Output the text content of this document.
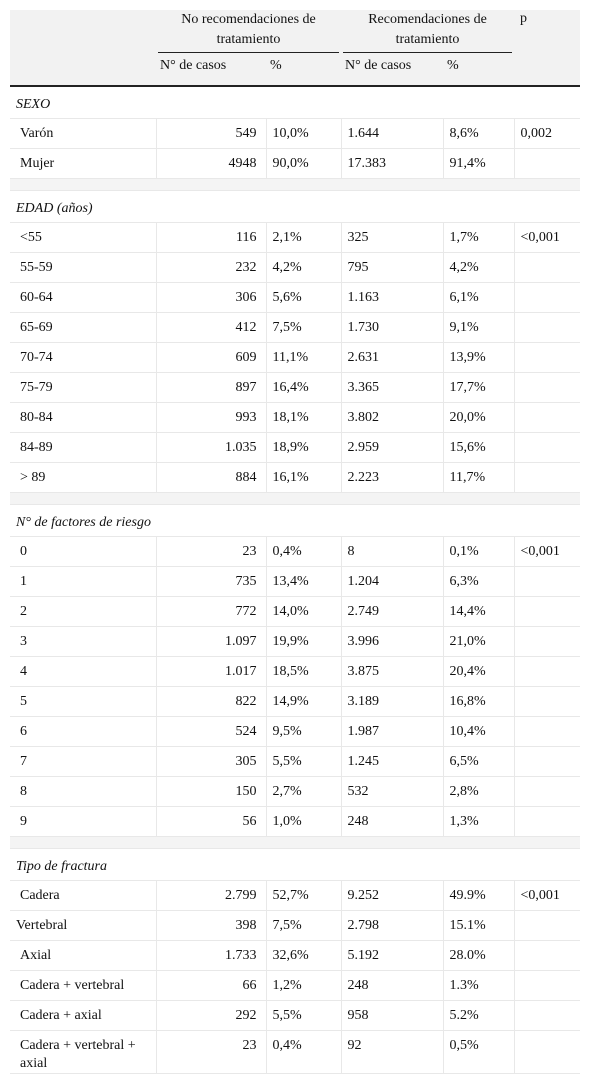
	No recomendaciones de tratamiento		Recomendaciones de tratamiento		p
	N° de casos	%	N° de casos	%	
SEXO					
Varón	549	10,0%	1.644	8,6%	0,002
Mujer	4948	90,0%	17.383	91,4%	

EDAD (años)					
<55	116	2,1%	325	1,7%	<0,001
55-59	232	4,2%	795	4,2%	
60-64	306	5,6%	1.163	6,1%	
65-69	412	7,5%	1.730	9,1%	
70-74	609	11,1%	2.631	13,9%	
75-79	897	16,4%	3.365	17,7%	
80-84	993	18,1%	3.802	20,0%	
84-89	1.035	18,9%	2.959	15,6%	
> 89	884	16,1%	2.223	11,7%	

N° de factores de riesgo					
0	23	0,4%	8	0,1%	<0,001
1	735	13,4%	1.204	6,3%	
2	772	14,0%	2.749	14,4%	
3	1.097	19,9%	3.996	21,0%	
4	1.017	18,5%	3.875	20,4%	
5	822	14,9%	3.189	16,8%	
6	524	9,5%	1.987	10,4%	
7	305	5,5%	1.245	6,5%	
8	150	2,7%	532	2,8%	
9	56	1,0%	248	1,3%	

Tipo de fractura					
Cadera	2.799	52,7%	9.252	49.9%	<0,001
Vertebral	398	7,5%	2.798	15.1%	
Axial	1.733	32,6%	5.192	28.0%	
Cadera + vertebral	66	1,2%	248	1.3%	
Cadera + axial	292	5,5%	958	5.2%	
Cadera + vertebral + axial	23	0,4%	92	0,5%	
